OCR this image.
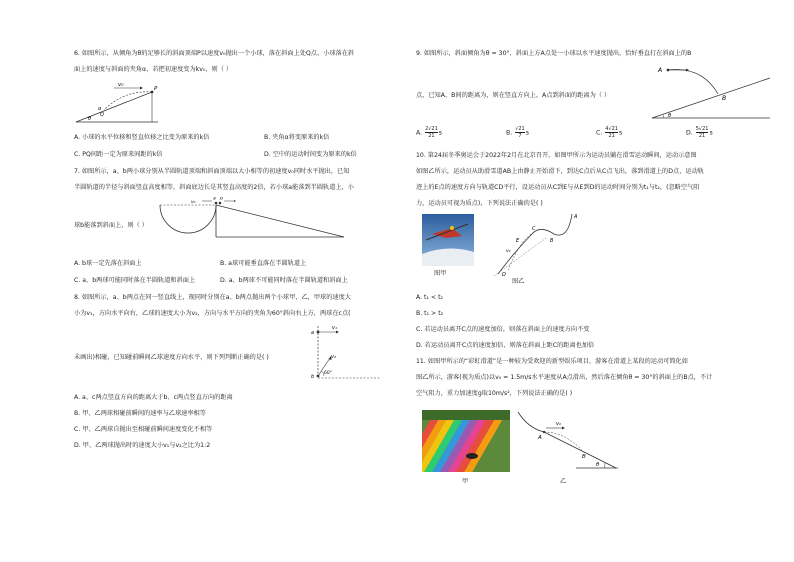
6. 如图所示，从倾角为θ的足够长的斜面顶端P以速度v₀抛出一个小球，落在斜面上处Q点，小球落在斜
面上的速度与斜面的夹角α，若把初速度变为kv₀，则（ ）
v₀
P
α
θ
Q
A. 小球的水平位移和竖直位移之比变为原来的k倍	B. 夹角α将变原来的k倍
C. PQ间距一定为原来间距的k倍	D. 空中的运动时间变为原来的k倍
7. 如图所示，a、b两小球分别从半圆轨道顶端和斜面顶端以大小相等的初速度v₀同时水平抛出，已知
半圆轨道的半径与斜面竖直高度相等，斜面底边长是其竖直高度的2倍，若小球a能落到半圆轨道上，小
a b
v₀
球b能落到斜面上，则（ ）
A. b球一定先落在斜面上	B. a球可能垂直落在半圆轨道上
C. a、b两球可能同时落在半圆轨道和斜面上	D. a、b两球不可能同时落在半圆轨道和斜面上
8. 如图所示，a、b两点在同一竖直线上，现同时分别在a、b两点抛出两个小球甲、乙，甲球的速度大
小为v₁，方向水平向右，乙球的速度大小为v₂，方向与水平方向的夹角为60°斜向右上方，两球在c点(
a
v₁
b
v₂
60°
未画出)相碰，已知碰前瞬间乙球速度方向水平，则下列判断正确的是( )
A. a、c两点竖直方向的距离大于b、c两点竖直方向的距离
B. 甲、乙两球相碰前瞬间的速率与乙球速率相等
C. 甲、乙两球自抛出至相碰前瞬间速度变化不相等
D. 甲、乙两球抛出时的速度大小v₁与v₂之比为1:2
9. 如图所示，斜面倾角为θ = 30°，斜面上方A点处一小球以水平速度抛出，恰好垂直打在斜面上的B
A
B
θ
点，已知A、B间的距离为，则在竖直方向上，A点到斜面的距离为（ ）
A. $\frac{2√21}{21}$ s	B. $\frac{√21}{7}$ s	C. $\frac{4√21}{21}$ s	D. $\frac{5√21}{21}$ s
10. 第24届冬季奥运会于2022年2月在北京召开，如图甲所示为运动员躺在滑雪运动瞬间，运动示意图
如图乙所示，运动员从助滑雪道AB上由静止开始滑下，到达C点后从C点飞出，落到滑道上的D点，运动轨
迹上的E点的速度方向与轨道CD平行，设运动员从C到E与从E到D的运动时间分别为t₁与t₂，(忽略空气阻
力，运动员可视为质点)，下列说法正确的是( )
图甲
A
B
C
E
v₀
D
图乙
A. t₁ < t₂
B. t₁ > t₂
C. 若运动员离开C点的速度加倍，则落在斜面上的速度方向不变
D. 若运动员离开C点的速度加倍，则落在斜面上距C的距离也加倍
11. 如图甲所示的“彩虹滑道”是一种较为受欢迎的新型娱乐项目，游客在滑道上某段的运动可简化如
图乙所示，游客(视为质点)以v₀ = 1.5m/s水平速度从A点滑出，然后落在倾角θ = 30°的斜面上的B点，不计
空气阻力，重力加速度g取10m/s²，下列说法正确的是( )
甲
A
v₀
B
θ
乙
